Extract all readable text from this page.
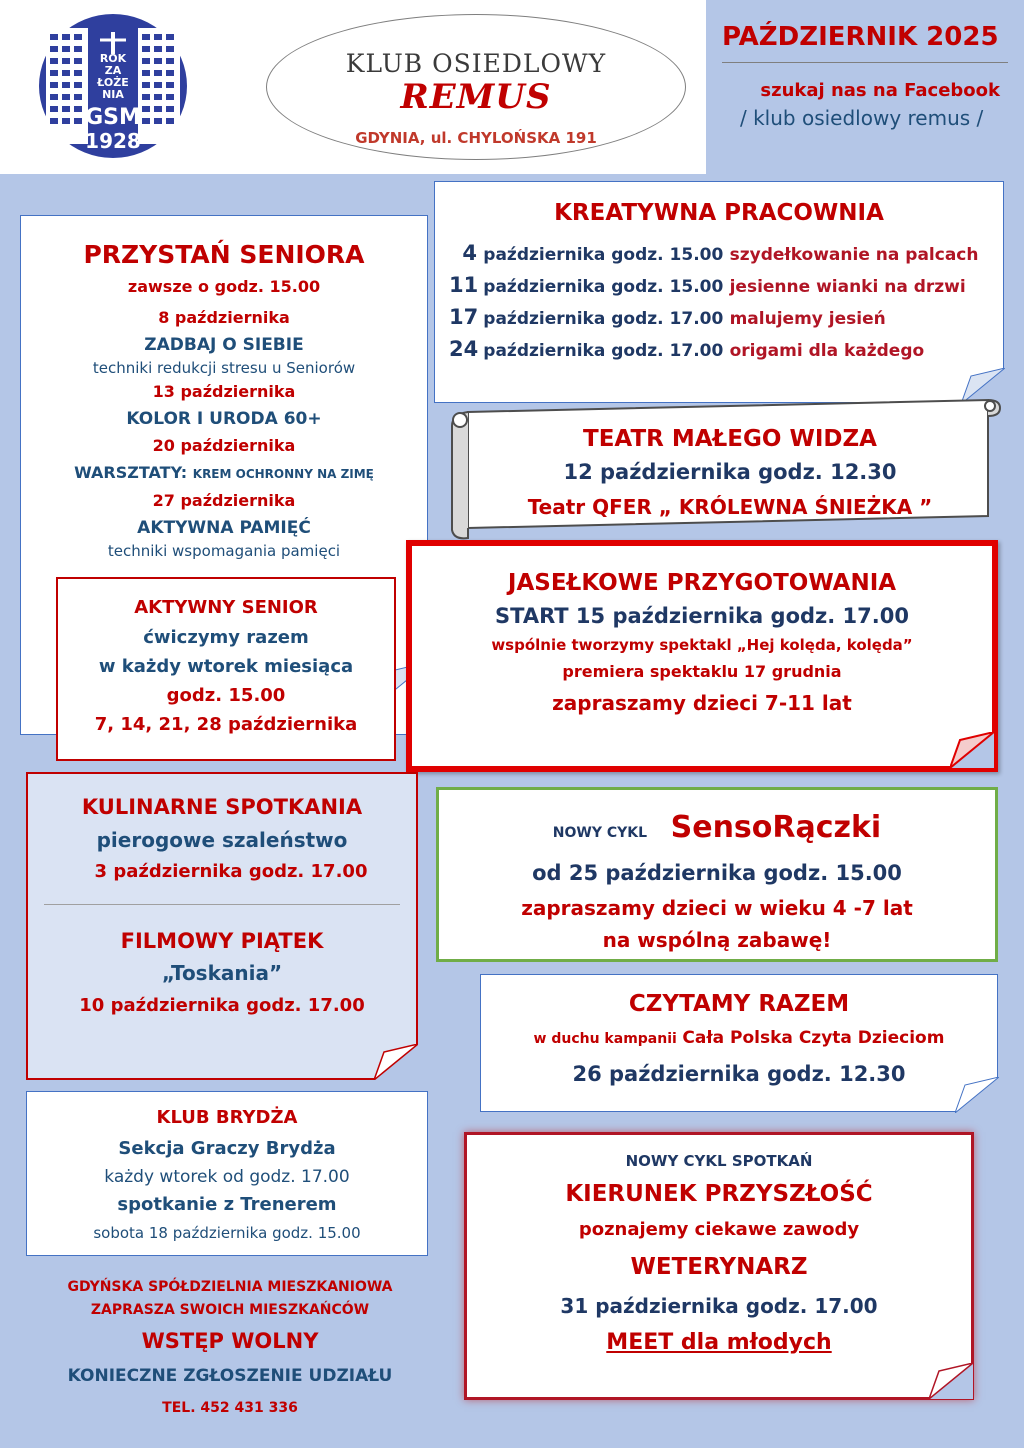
ROK
ZA
ŁOŻE
NIA
GSM
1928
KLUB OSIEDLOWY
REMUS
GDYNIA, ul. CHYLOŃSKA 191
PAŹDZIERNIK 2025
szukaj nas na Facebook
/ klub osiedlowy remus /
KREATYWNA PRACOWNIA
4 października godz. 15.00 szydełkowanie na palcach
11 października godz. 15.00 jesienne wianki na drzwi
17 października godz. 17.00 malujemy jesień
24 października godz. 17.00 origami dla każdego
PRZYSTAŃ SENIORA
zawsze o godz. 15.00
8 października
ZADBAJ O SIEBIE
techniki redukcji stresu u Seniorów
13 października
KOLOR I URODA 60+
20 października
WARSZTATY: KREM OCHRONNY NA ZIMĘ
27 października
AKTYWNA PAMIĘĆ
techniki wspomagania pamięci
AKTYWNY SENIOR
ćwiczymy razem
w każdy wtorek miesiąca
godz. 15.00
7, 14, 21, 28 października
TEATR MAŁEGO WIDZA
12 października godz. 12.30
Teatr QFER „ KRÓLEWNA ŚNIEŻKA ”
JASEŁKOWE PRZYGOTOWANIA
START 15 października godz. 17.00
wspólnie tworzymy spektakl „Hej kolęda, kolęda”
premiera spektaklu 17 grudnia
zapraszamy dzieci 7-11 lat
KULINARNE SPOTKANIA
pierogowe szaleństwo
3 października godz. 17.00
FILMOWY PIĄTEK
„Toskania”
10 października godz. 17.00
NOWY CYKL SensoRączki
od 25 października godz. 15.00
zapraszamy dzieci w wieku 4 -7 lat
na wspólną zabawę!
CZYTAMY RAZEM
w duchu kampanii Cała Polska Czyta Dzieciom
26 października godz. 12.30
KLUB BRYDŻA
Sekcja Graczy Brydża
każdy wtorek od godz. 17.00
spotkanie z Trenerem
sobota 18 października godz. 15.00
NOWY CYKL SPOTKAŃ
KIERUNEK PRZYSZŁOŚĆ
poznajemy ciekawe zawody
WETERYNARZ
31 października godz. 17.00
MEET dla młodych
GDYŃSKA SPÓŁDZIELNIA MIESZKANIOWA
ZAPRASZA SWOICH MIESZKAŃCÓW
WSTĘP WOLNY
KONIECZNE ZGŁOSZENIE UDZIAŁU
TEL. 452 431 336
